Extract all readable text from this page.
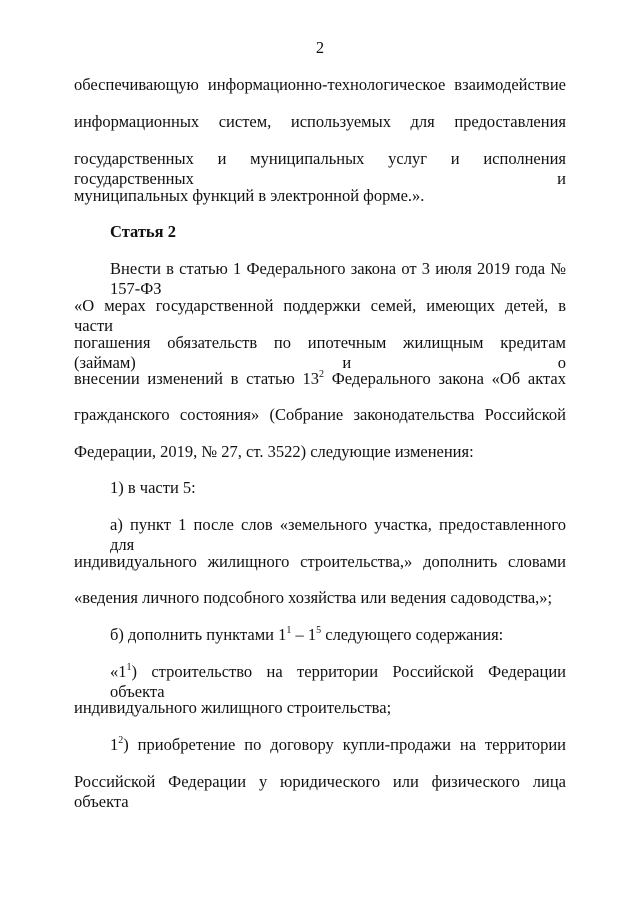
2
обеспечивающую информационно-технологическое взаимодействие
информационных систем, используемых для предоставления
государственных и муниципальных услуг и исполнения государственных и
муниципальных функций в электронной форме.».
Статья 2
Внести в статью 1 Федерального закона от 3 июля 2019 года № 157-ФЗ
«О мерах государственной поддержки семей, имеющих детей, в части
погашения обязательств по ипотечным жилищным кредитам (займам) и о
внесении изменений в статью $13^2$ Федерального закона «Об актах
гражданского состояния» (Собрание законодательства Российской
Федерации, 2019, № 27, ст. 3522) следующие изменения:
1) в части 5:
а) пункт 1 после слов «земельного участка, предоставленного для
индивидуального жилищного строительства,» дополнить словами
«ведения личного подсобного хозяйства или ведения садоводства,»;
б) дополнить пунктами $1^1 - 1^5$ следующего содержания:
«$1^1$) строительство на территории Российской Федерации объекта
индивидуального жилищного строительства;
$1^2$) приобретение по договору купли-продажи на территории
Российской Федерации у юридического или физического лица объекта
